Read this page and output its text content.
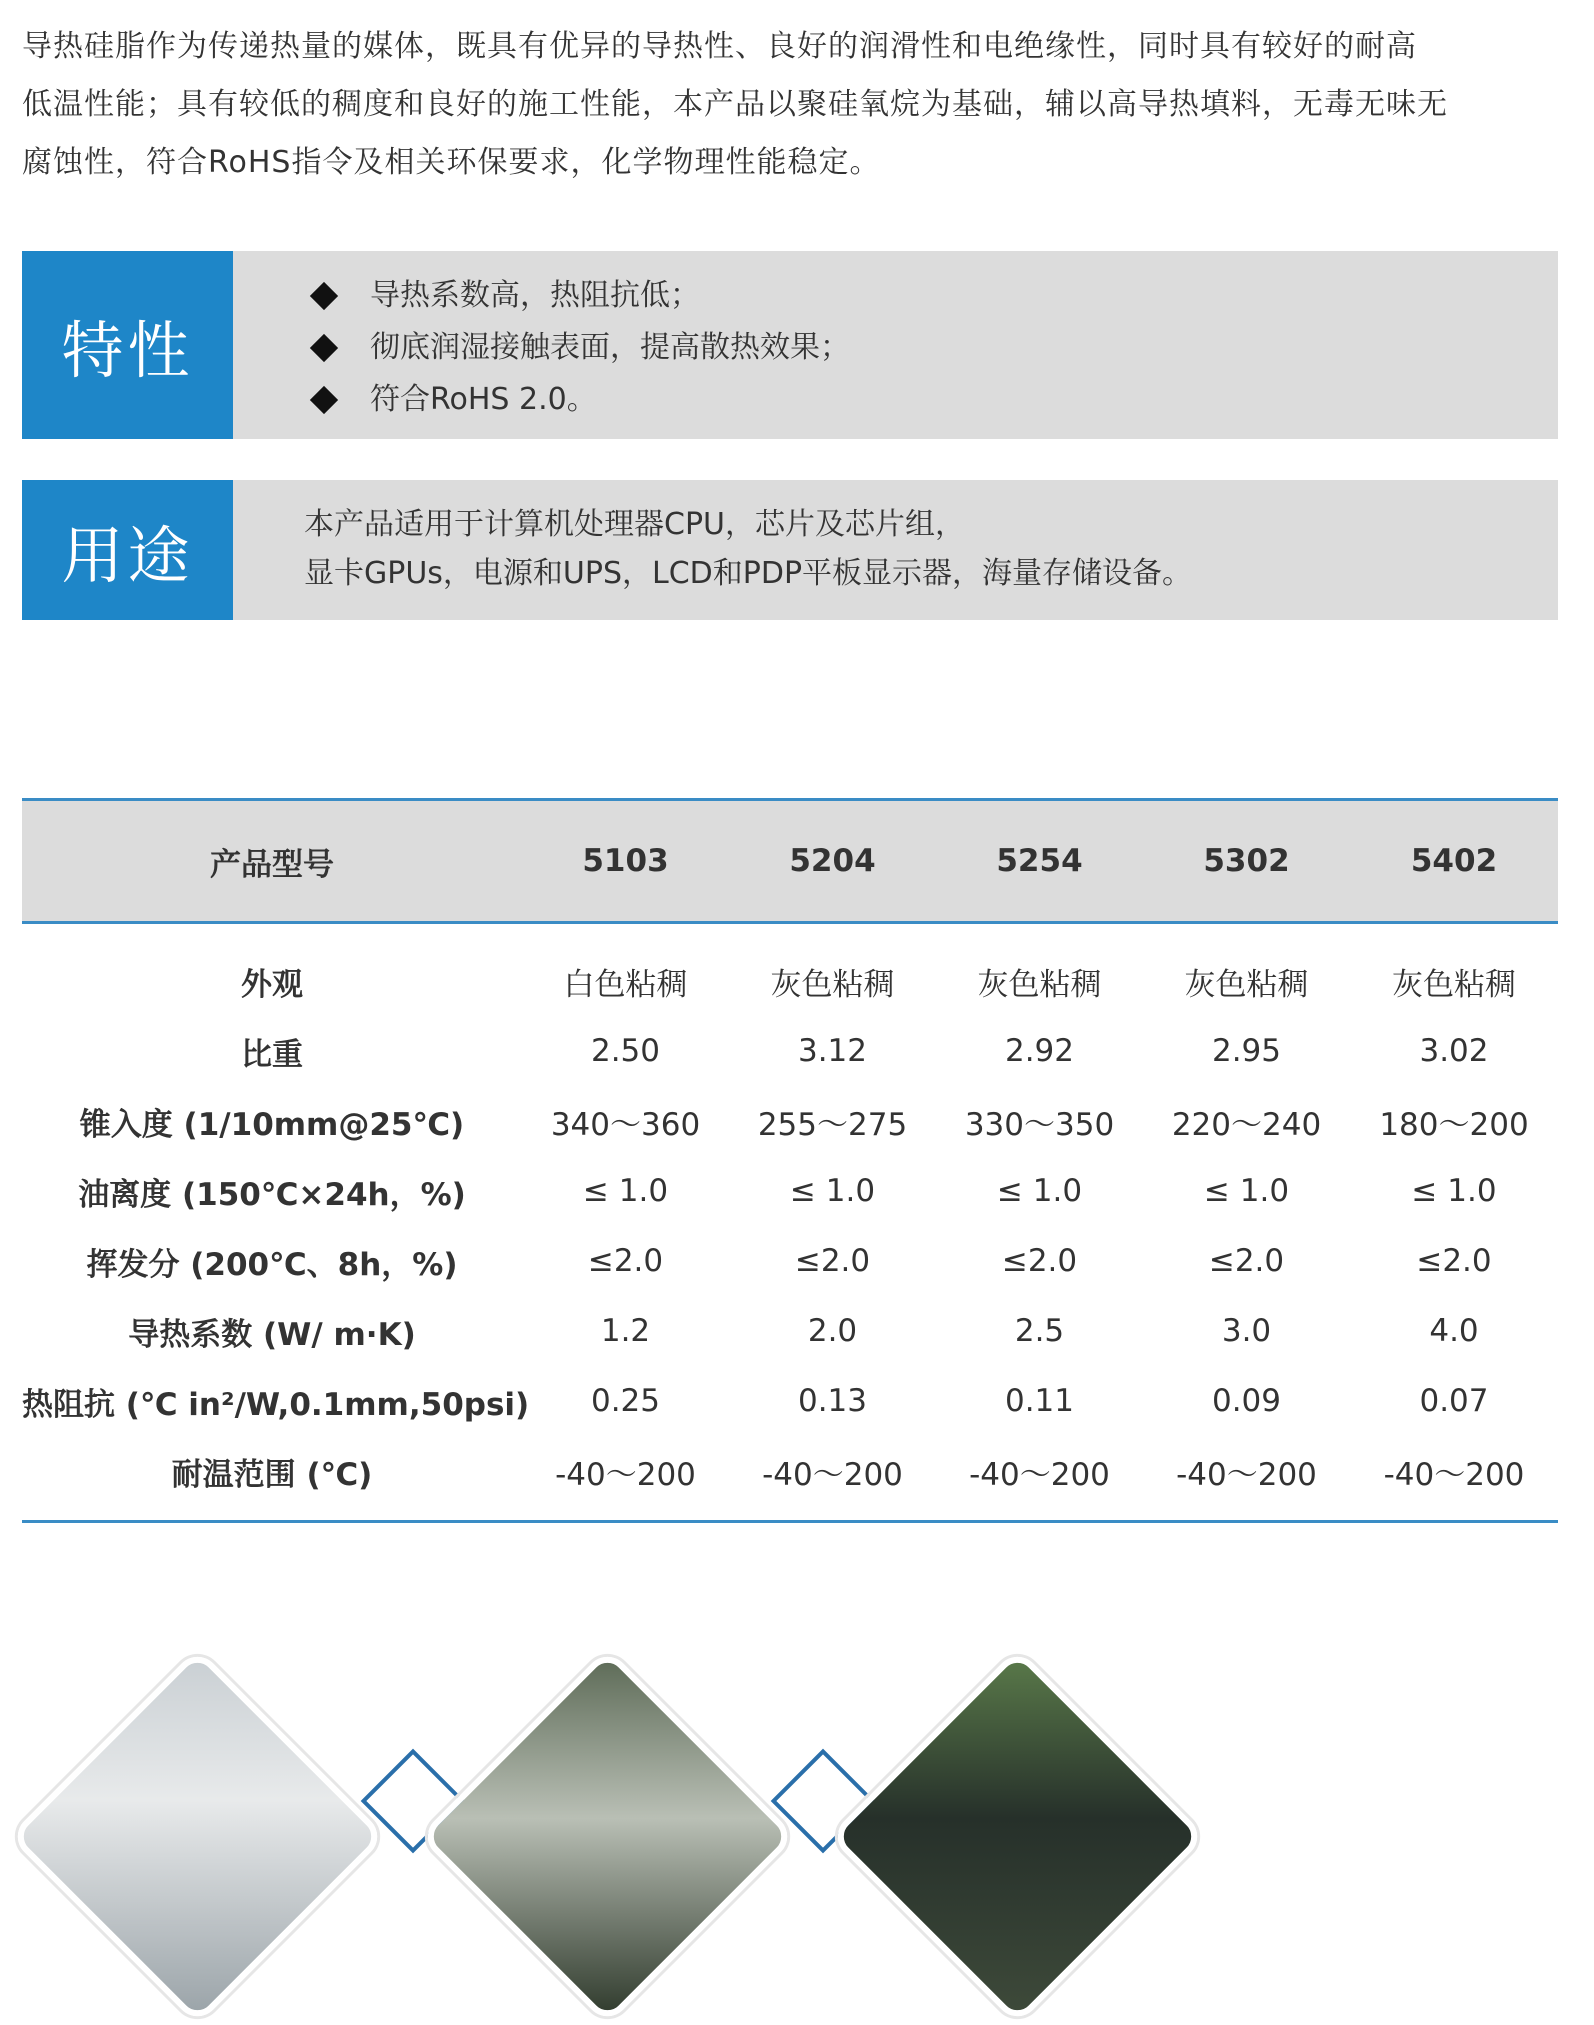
导热硅脂作为传递热量的媒体，既具有优异的导热性、良好的润滑性和电绝缘性，同时具有较好的耐高
低温性能；具有较低的稠度和良好的施工性能，本产品以聚硅氧烷为基础，辅以高导热填料，无毒无味无
腐蚀性，符合RoHS指令及相关环保要求，化学物理性能稳定。
特性
导热系数高，热阻抗低；
彻底润湿接触表面，提高散热效果；
符合RoHS 2.0。
用途	本产品适用于计算机处理器CPU，芯片及芯片组，
显卡GPUs，电源和UPS，LCD和PDP平板显示器，海量存储设备。
产品型号	5103	5204	5254	5302	5402
外观	白色粘稠	灰色粘稠	灰色粘稠	灰色粘稠	灰色粘稠
比重	2.50	3.12	2.92	2.95	3.02
锥入度 (1/10mm@25℃)	340～360	255～275	330～350	220～240	180～200
油离度 (150℃×24h，%)	≤ 1.0	≤ 1.0	≤ 1.0	≤ 1.0	≤ 1.0
挥发分 (200℃、8h，%)	≤2.0	≤2.0	≤2.0	≤2.0	≤2.0
导热系数 (W/ m·K)	1.2	2.0	2.5	3.0	4.0
热阻抗 (℃ in²/W,0.1mm,50psi)	0.25	0.13	0.11	0.09	0.07
耐温范围 (℃)	-40～200	-40～200	-40～200	-40～200	-40～200
